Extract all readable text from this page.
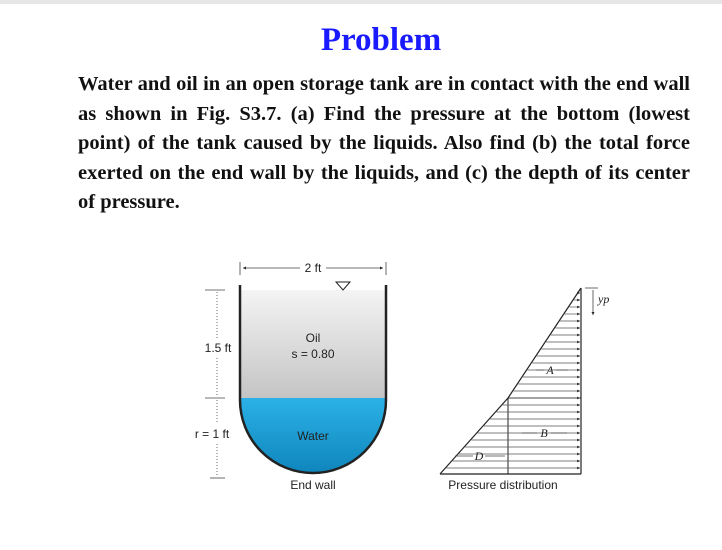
Problem
Water and oil in an open storage tank are in contact with the end wall as shown in Fig. S3.7. (a) Find the pressure at the bottom (lowest point) of the tank caused by the liquids. Also find (b) the total force exerted on the end wall by the liquids, and (c) the depth of its center of pressure.
2 ft
1.5 ft
r = 1 ft
Oil
s = 0.80
Water
End wall
A
B
D
yp
Pressure distribution
